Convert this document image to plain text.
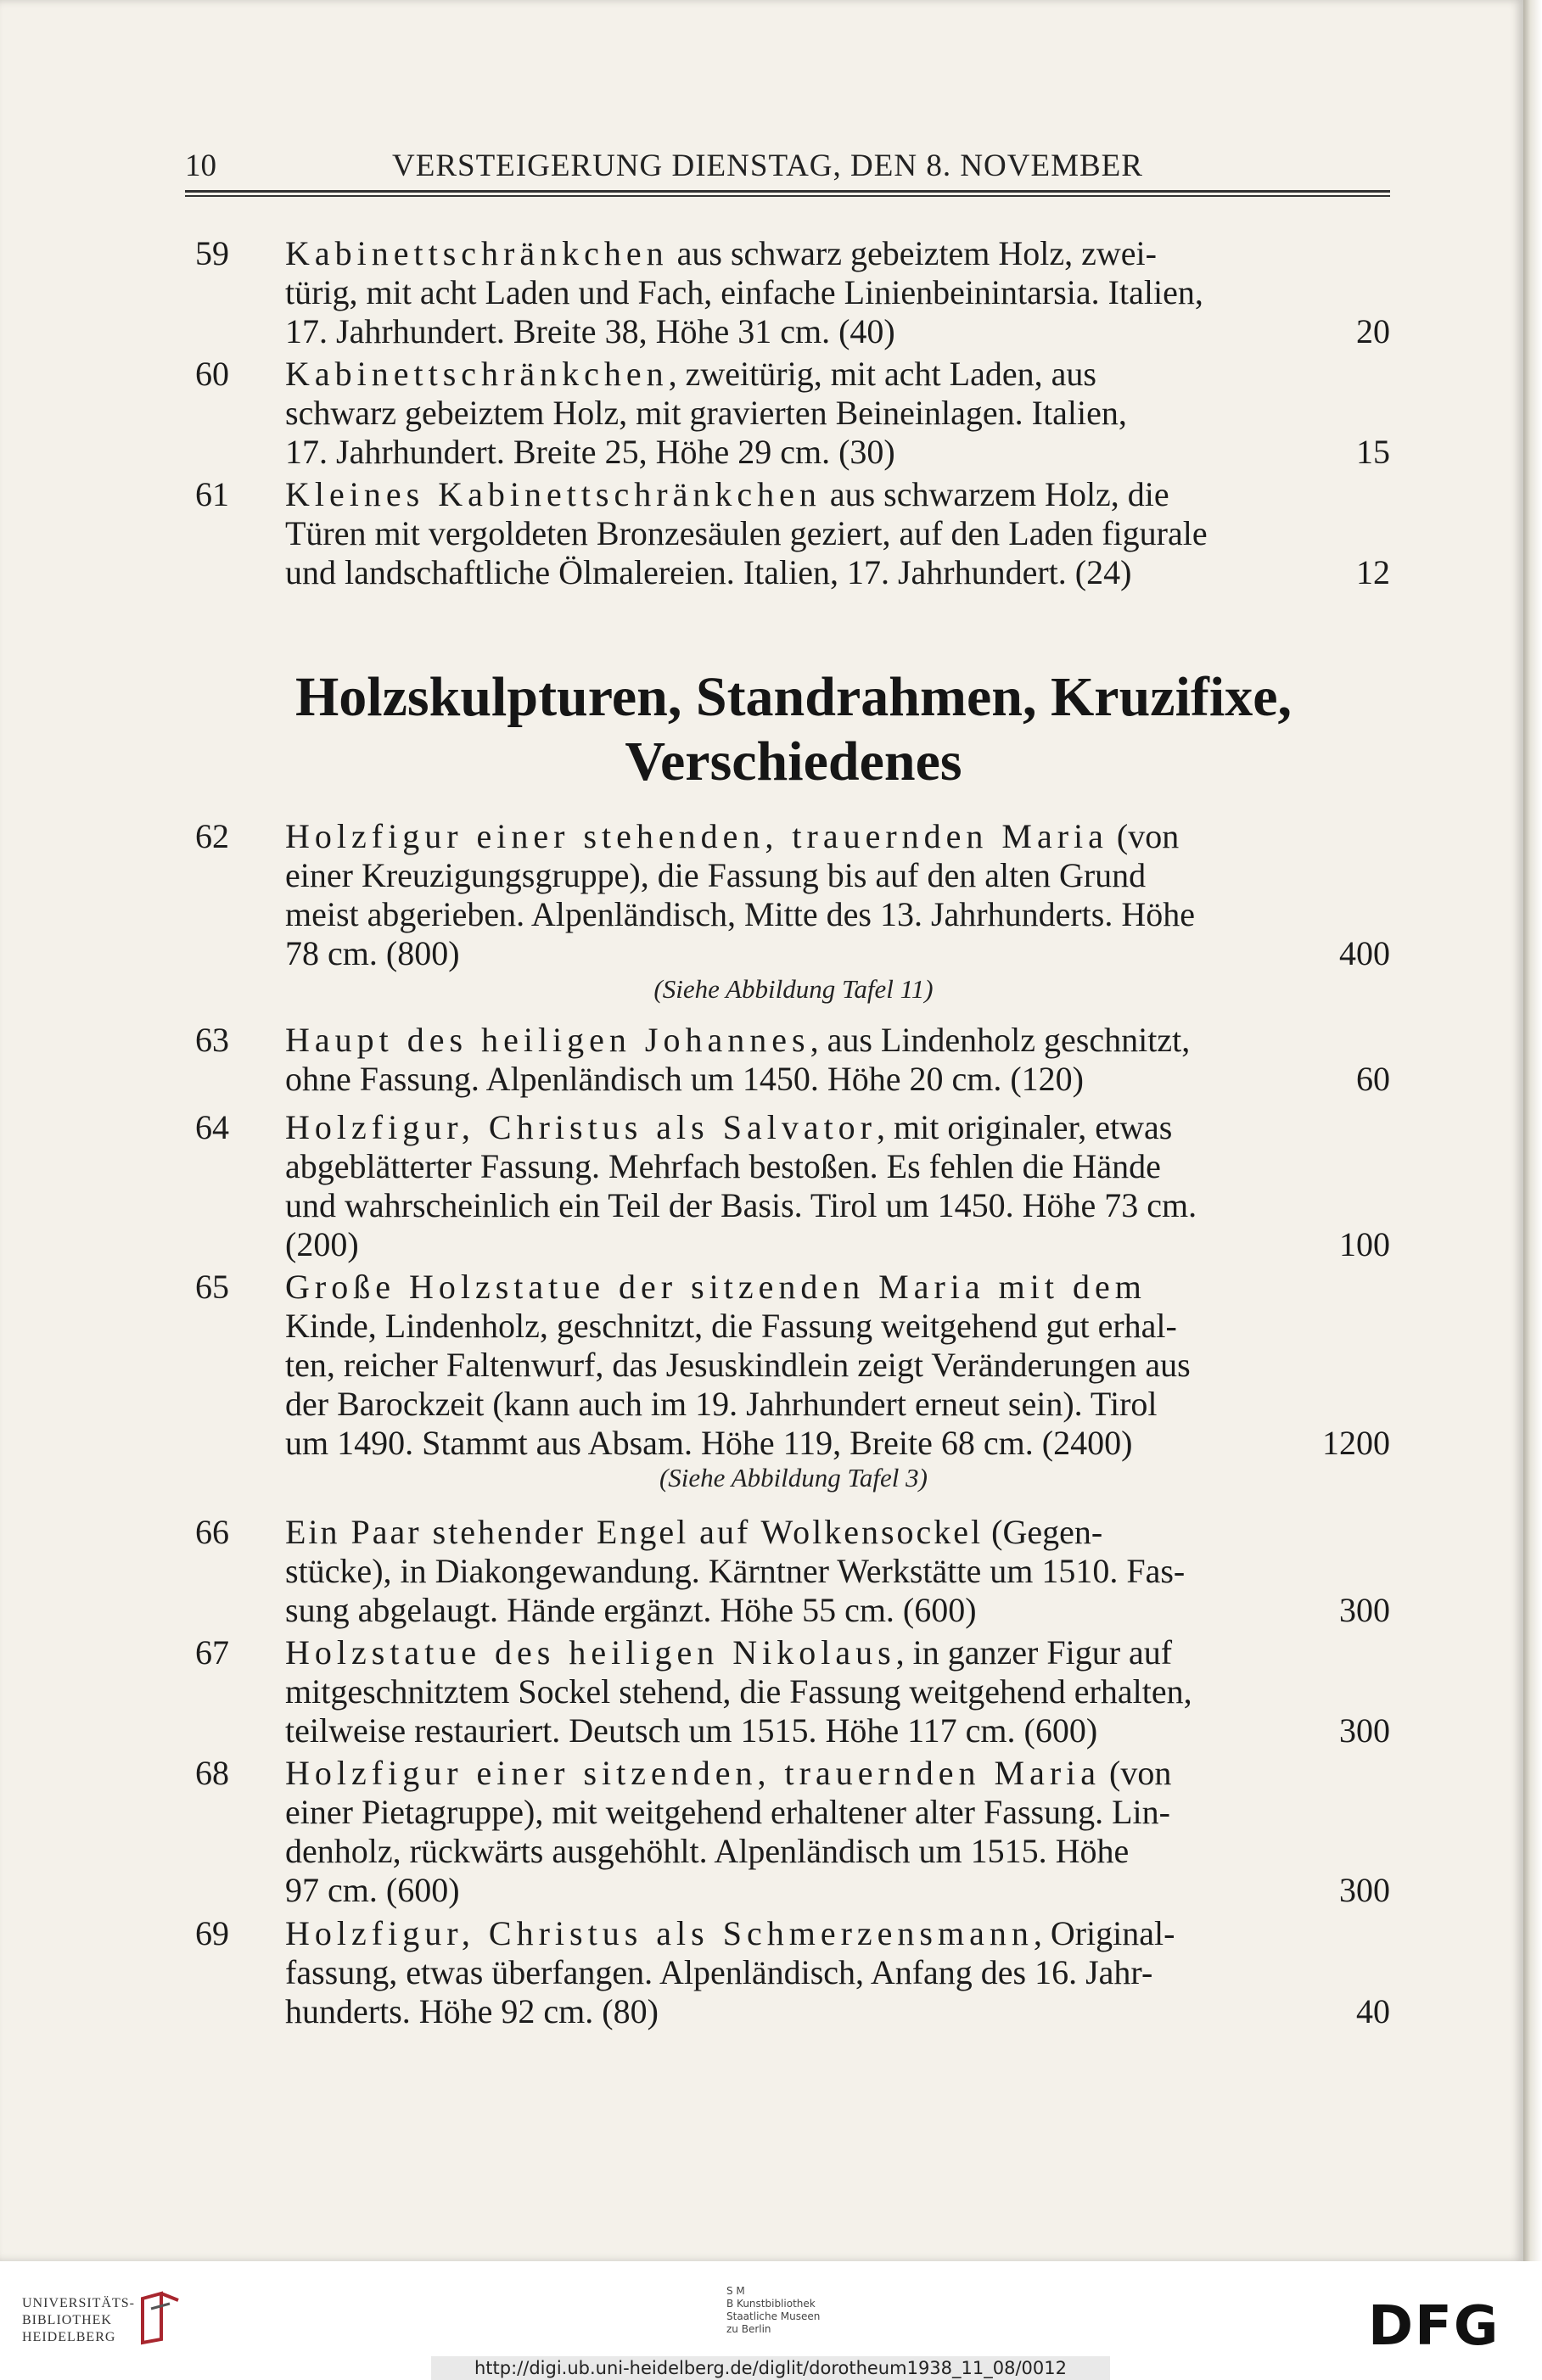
10	VERSTEIGERUNG DIENSTAG, DEN 8. NOVEMBER
59	Kabinettschränkchen aus schwarz gebeiztem Holz, zwei-
türig, mit acht Laden und Fach, einfache Linienbeinintarsia. Italien,
17. Jahrhundert. Breite 38, Höhe 31 cm. (40)	20
60	Kabinettschränkchen, zweitürig, mit acht Laden, aus
schwarz gebeiztem Holz, mit gravierten Beineinlagen. Italien,
17. Jahrhundert. Breite 25, Höhe 29 cm. (30)	15
61	Kleines Kabinettschränkchen aus schwarzem Holz, die
Türen mit vergoldeten Bronzesäulen geziert, auf den Laden figurale
und landschaftliche Ölmalereien. Italien, 17. Jahrhundert. (24)	12
Holzskulpturen, Standrahmen, Kruzifixe,
Verschiedenes
62	Holzfigur einer stehenden, trauernden Maria (von
einer Kreuzigungsgruppe), die Fassung bis auf den alten Grund
meist abgerieben. Alpenländisch, Mitte des 13. Jahrhunderts. Höhe
78 cm. (800)	400
(Siehe Abbildung Tafel 11)
63	Haupt des heiligen Johannes, aus Lindenholz geschnitzt,
ohne Fassung. Alpenländisch um 1450. Höhe 20 cm. (120)	60
64	Holzfigur, Christus als Salvator, mit originaler, etwas
abgeblätterter Fassung. Mehrfach bestoßen. Es fehlen die Hände
und wahrscheinlich ein Teil der Basis. Tirol um 1450. Höhe 73 cm.
(200)	100
65	Große Holzstatue der sitzenden Maria mit dem
Kinde, Lindenholz, geschnitzt, die Fassung weitgehend gut erhal-
ten, reicher Faltenwurf, das Jesuskindlein zeigt Veränderungen aus
der Barockzeit (kann auch im 19. Jahrhundert erneut sein). Tirol
um 1490. Stammt aus Absam. Höhe 119, Breite 68 cm. (2400)	1200
(Siehe Abbildung Tafel 3)
66	Ein Paar stehender Engel auf Wolkensockel (Gegen-
stücke), in Diakongewandung. Kärntner Werkstätte um 1510. Fas-
sung abgelaugt. Hände ergänzt. Höhe 55 cm. (600)	300
67	Holzstatue des heiligen Nikolaus, in ganzer Figur auf
mitgeschnitztem Sockel stehend, die Fassung weitgehend erhalten,
teilweise restauriert. Deutsch um 1515. Höhe 117 cm. (600)	300
68	Holzfigur einer sitzenden, trauernden Maria (von
einer Pietagruppe), mit weitgehend erhaltener alter Fassung. Lin-
denholz, rückwärts ausgehöhlt. Alpenländisch um 1515. Höhe
97 cm. (600)	300
69	Holzfigur, Christus als Schmerzensmann, Original-
fassung, etwas überfangen. Alpenländisch, Anfang des 16. Jahr-
hunderts. Höhe 92 cm. (80)	40
UNIVERSITÄTS-
BIBLIOTHEK
HEIDELBERG
S M
B Kunstbibliothek
Staatliche Museen
zu Berlin	DFG
http://digi.ub.uni-heidelberg.de/diglit/dorotheum1938_11_08/0012
